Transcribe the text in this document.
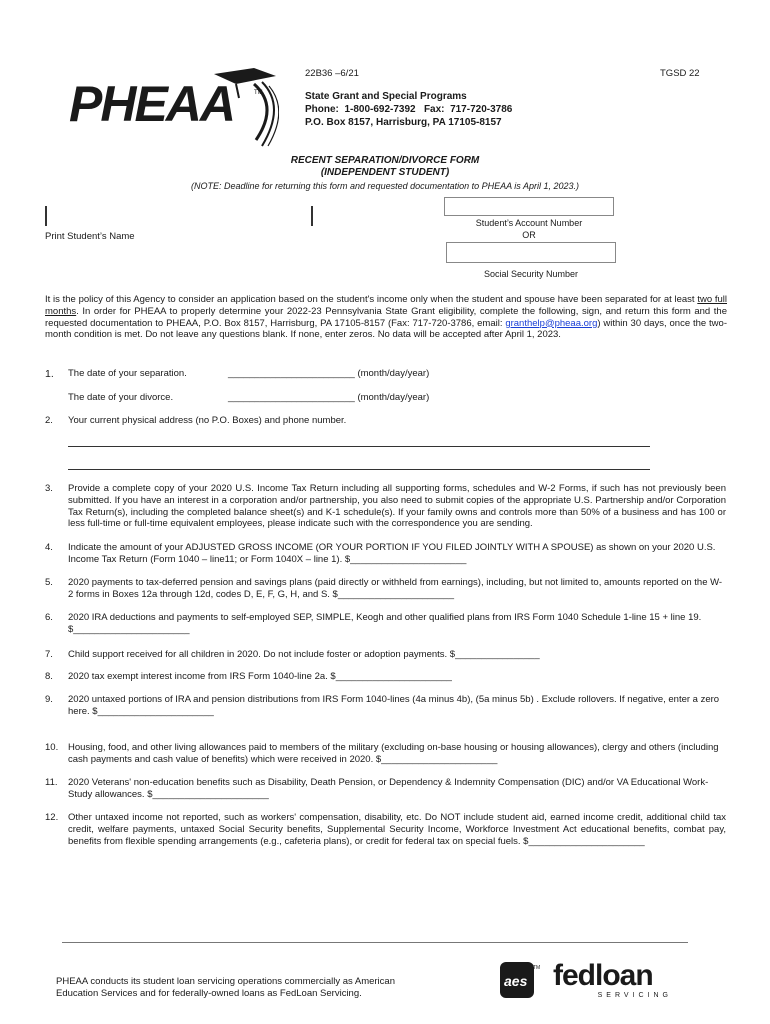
PHEAA	TM
22B36 –6/21	TGSD 22
State Grant and Special Programs
Phone:  1-800-692-7392   Fax:  717-720-3786
P.O. Box 8157, Harrisburg, PA 17105-8157
RECENT SEPARATION/DIVORCE FORM
(INDEPENDENT STUDENT)
(NOTE: Deadline for returning this form and requested documentation to PHEAA is April 1, 2023.)
Print Student’s Name
Student’s Account Number
OR
Social Security Number
It is the policy of this Agency to consider an application based on the student's income only when the student and spouse have been separated for at least two full months. In order for PHEAA to properly determine your 2022-23 Pennsylvania State Grant eligibility, complete the following, sign, and return this form and the requested documentation to PHEAA, P.O. Box 8157, Harrisburg, PA 17105-8157 (Fax: 717-720-3786, email: granthelp@pheaa.org) within 30 days, once the two-month condition is met. Do not leave any questions blank. If none, enter zeros. No data will be accepted after April 1, 2023.
1. The date of your separation.	________________________ (month/day/year)
The date of your divorce.	________________________ (month/day/year)
2. Your current physical address (no P.O. Boxes) and phone number.
3. Provide a complete copy of your 2020 U.S. Income Tax Return including all supporting forms, schedules and W-2 Forms, if such has not previously been submitted. If you have an interest in a corporation and/or partnership, you also need to submit copies of the appropriate U.S. Partnership and/or Corporation Tax Return(s), including the completed balance sheet(s) and K-1 schedule(s). If your family owns and controls more than 50% of a business and has 100 or less full-time or full-time equivalent employees, please indicate such with the correspondence you are sending.
4. Indicate the amount of your ADJUSTED GROSS INCOME (OR YOUR PORTION IF YOU FILED JOINTLY WITH A SPOUSE) as shown on your 2020 U.S. Income Tax Return (Form 1040 – line11; or Form 1040X – line 1). $______________________
5. 2020 payments to tax-deferred pension and savings plans (paid directly or withheld from earnings), including, but not limited to, amounts reported on the W-2 forms in Boxes 12a through 12d, codes D, E, F, G, H, and S. $______________________
6. 2020 IRA deductions and payments to self-employed SEP, SIMPLE, Keogh and other qualified plans from IRS Form 1040 Schedule 1-line 15 + line 19. $______________________
7. Child support received for all children in 2020. Do not include foster or adoption payments. $________________
8. 2020 tax exempt interest income from IRS Form 1040-line 2a. $______________________
9. 2020 untaxed portions of IRA and pension distributions from IRS Form 1040-lines (4a minus 4b), (5a minus 5b) . Exclude rollovers. If negative, enter a zero here. $______________________
10. Housing, food, and other living allowances paid to members of the military (excluding on-base housing or housing allowances), clergy and others (including cash payments and cash value of benefits) which were received in 2020. $______________________
11. 2020 Veterans' non-education benefits such as Disability, Death Pension, or Dependency & Indemnity Compensation (DIC) and/or VA Educational Work-Study allowances. $______________________
12. Other untaxed income not reported, such as workers' compensation, disability, etc. Do NOT include student aid, earned income credit, additional child tax credit, welfare payments, untaxed Social Security benefits, Supplemental Security Income, Workforce Investment Act educational benefits, combat pay, benefits from flexible spending arrangements (e.g., cafeteria plans), or credit for federal tax on special fuels. $______________________
PHEAA conducts its student loan servicing operations commercially as American Education Services and for federally-owned loans as FedLoan Servicing.
aes
TM fedloan
SERVICING
